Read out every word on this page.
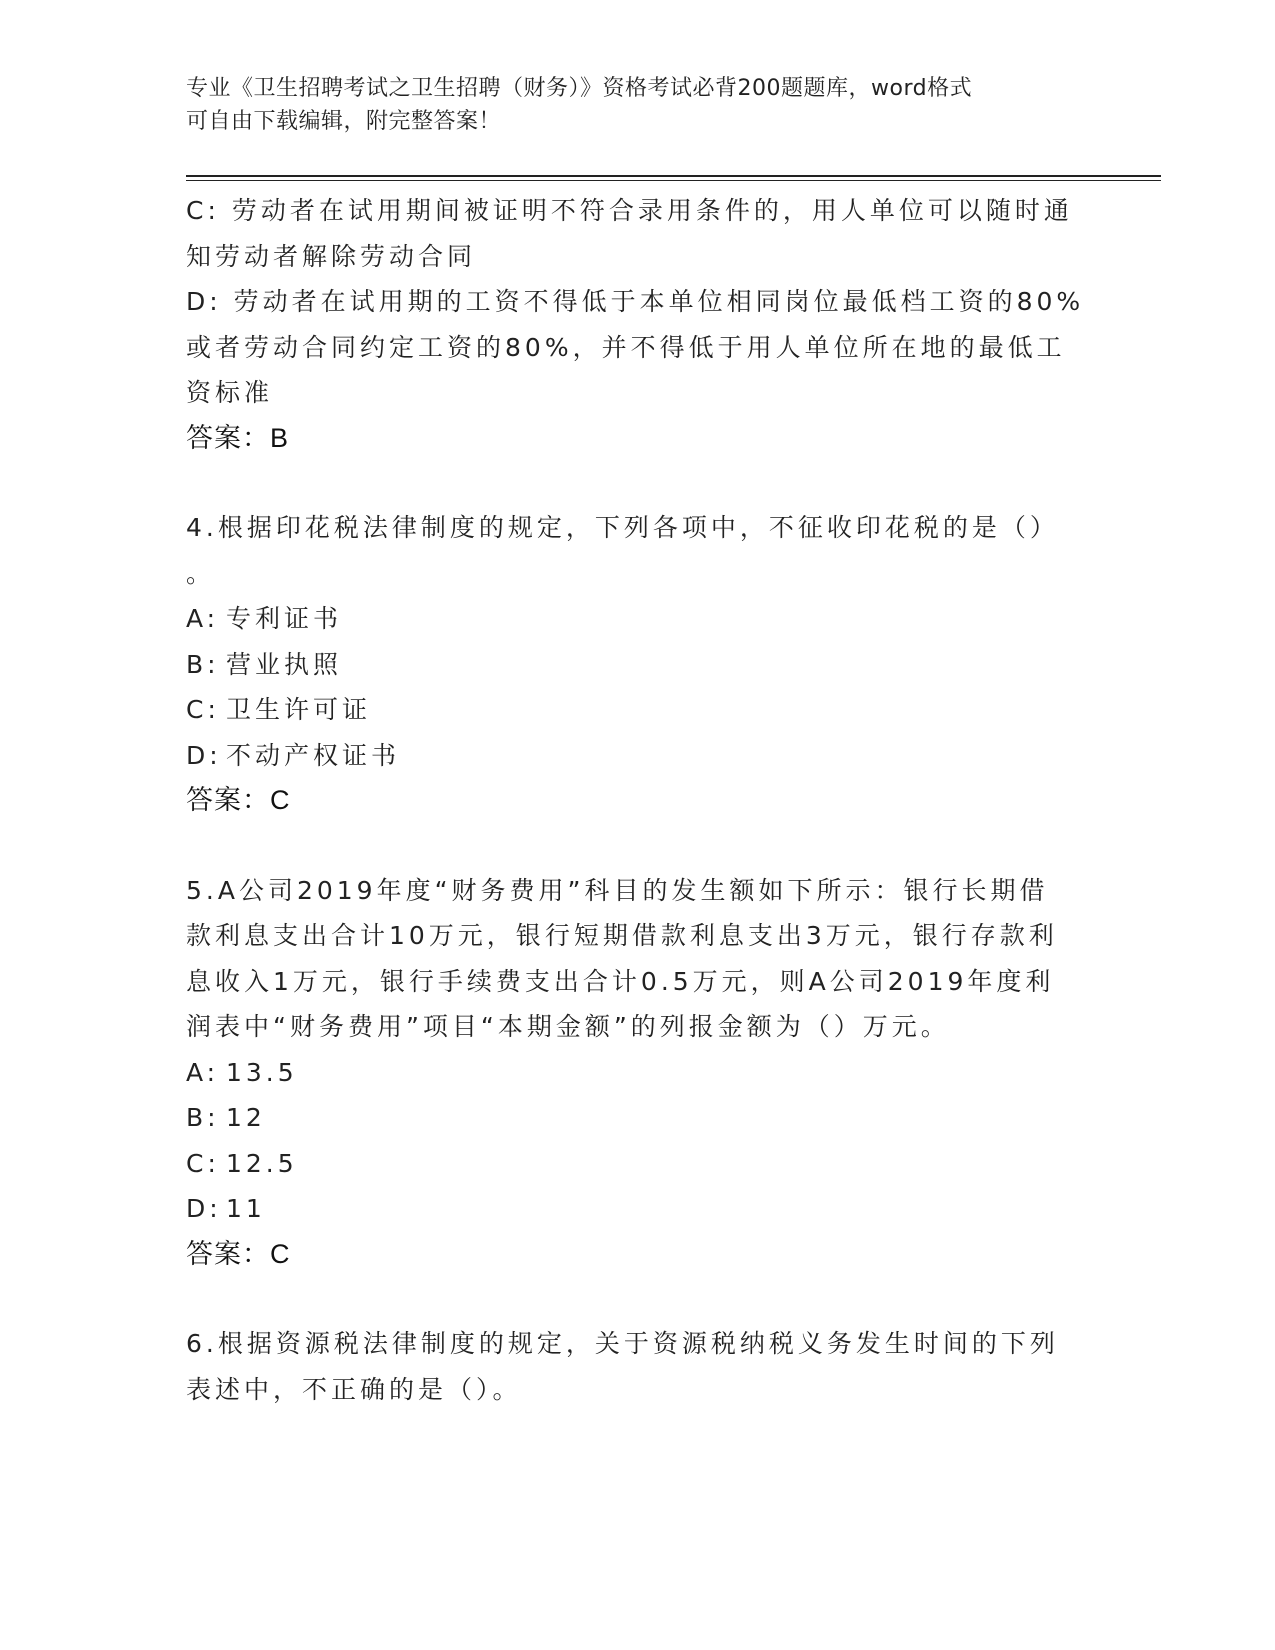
专业《卫生招聘考试之卫生招聘（财务）》资格考试必背200题题库，word格式
可自由下载编辑，附完整答案！
C: 劳动者在试用期间被证明不符合录用条件的，用人单位可以随时通
知劳动者解除劳动合同
D: 劳动者在试用期的工资不得低于本单位相同岗位最低档工资的80%
或者劳动合同约定工资的80%，并不得低于用人单位所在地的最低工
资标准
答案：B
4.根据印花税法律制度的规定，下列各项中，不征收印花税的是（）
。
A: 专利证书
B: 营业执照
C: 卫生许可证
D: 不动产权证书
答案：C
5.A公司2019年度“财务费用”科目的发生额如下所示：银行长期借
款利息支出合计10万元，银行短期借款利息支出3万元，银行存款利
息收入1万元，银行手续费支出合计0.5万元，则A公司2019年度利
润表中“财务费用”项目“本期金额”的列报金额为（）万元。
A: 13.5
B: 12
C: 12.5
D: 11
答案：C
6.根据资源税法律制度的规定，关于资源税纳税义务发生时间的下列
表述中，不正确的是（）。
